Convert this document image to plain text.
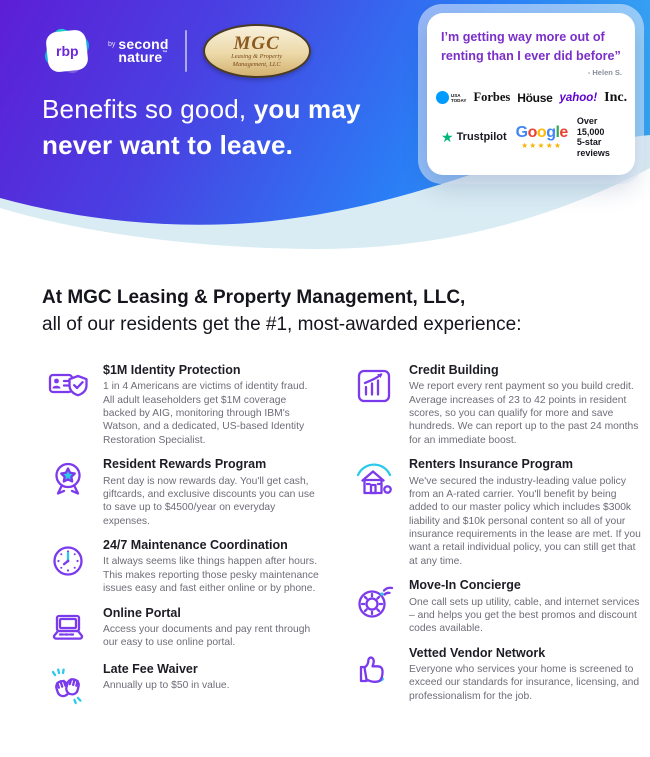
rbp	by second
nature™	MGC
Leasing & Property
Management, LLC
Benefits so good, you may never want to leave.
I’m getting way more out of renting than I ever did before”
- Helen S.
USA
TODAY Forbes Höuse yahoo! Inc.
★ Trustpilot Google
★★★★★
Over 15,000
5-star reviews
At MGC Leasing & Property Management, LLC,
all of our residents get the #1, most-awarded experience:
$1M Identity Protection

1 in 4 Americans are victims of identity fraud. All adult leaseholders get $1M coverage backed by AIG, monitoring through IBM's Watson, and a dedicated, US-based Identity Restoration Specialist.

Resident Rewards Program

Rent day is now rewards day. You'll get cash, giftcards, and exclusive discounts you can use to save up to $4500/year on everyday expenses.

24/7 Maintenance Coordination

It always seems like things happen after hours. This makes reporting those pesky maintenance issues easy and fast either online or by phone.

Online Portal

Access your documents and pay rent through our easy to use online portal.

Late Fee Waiver

Annually up to $50 in value.

Credit Building

We report every rent payment so you build credit. Average increases of 23 to 42 points in resident scores, so you can qualify for more and save hundreds. We can report up to the past 24 months for an immediate boost.

Renters Insurance Program

We've secured the industry-leading value policy from an A-rated carrier. You'll benefit by being added to our master policy which includes $300k liability and $10k personal content so all of your insurance requirements in the lease are met. If you want a retail individual policy, you can still get that at any time.

Move-In Concierge

One call sets up utility, cable, and internet services – and helps you get the best promos and discount codes available.

Vetted Vendor Network

Everyone who services your home is screened to exceed our standards for insurance, licensing, and professionalism for the job.
